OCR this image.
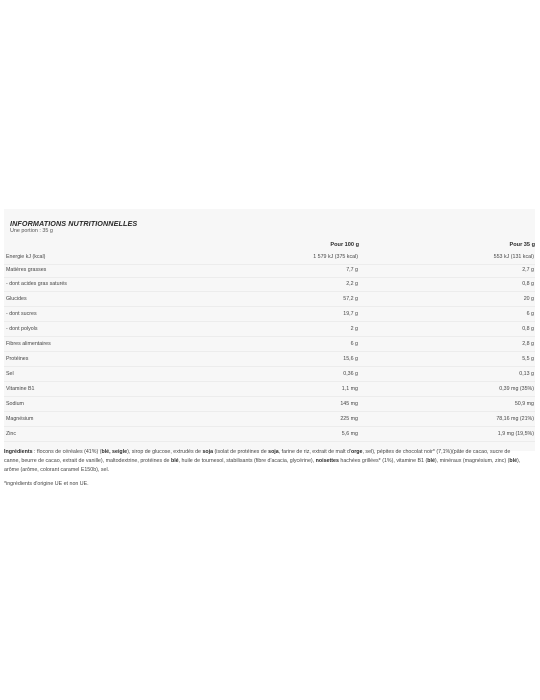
INFORMATIONS NUTRITIONNELLES
Une portion : 35 g
Pour 100 g	Pour 35 g
Energie kJ (kcal)	1 579 kJ (375 kcal)	553 kJ (131 kcal)
Matières grasses	7,7 g	2,7 g
- dont acides gras saturés	2,2 g	0,8 g
Glucides	57,2 g	20 g
- dont sucres	19,7 g	6 g
- dont polyols	2 g	0,8 g
Fibres alimentaires	6 g	2,8 g
Protéines	15,6 g	5,5 g
Sel	0,36 g	0,13 g
Vitamine B1	1,1 mg	0,39 mg (35%)
Sodium	145 mg	50,9 mg
Magnésium	225 mg	78,16 mg (21%)
Zinc	5,6 mg	1,9 mg (19,5%)
Ingrédients : flocons de céréales (41%) (blé, seigle), sirop de glucose, extrudés de soja (isolat de protéines de soja, farine de riz, extrait de malt d'orge, sel), pépites de chocolat noir* (7,1%)(pâte de cacao, sucre de canne, beurre de cacao, extrait de vanille), maltodextrine, protéines de blé, huile de tournesol, stabilisants (fibre d'acacia, glycérine), noisettes hachées grillées* (1%), vitamine B1 (blé), minéraux (magnésium, zinc) (blé), arôme (arôme, colorant caramel E150b), sel.
*ingrédients d'origine UE et non UE.
